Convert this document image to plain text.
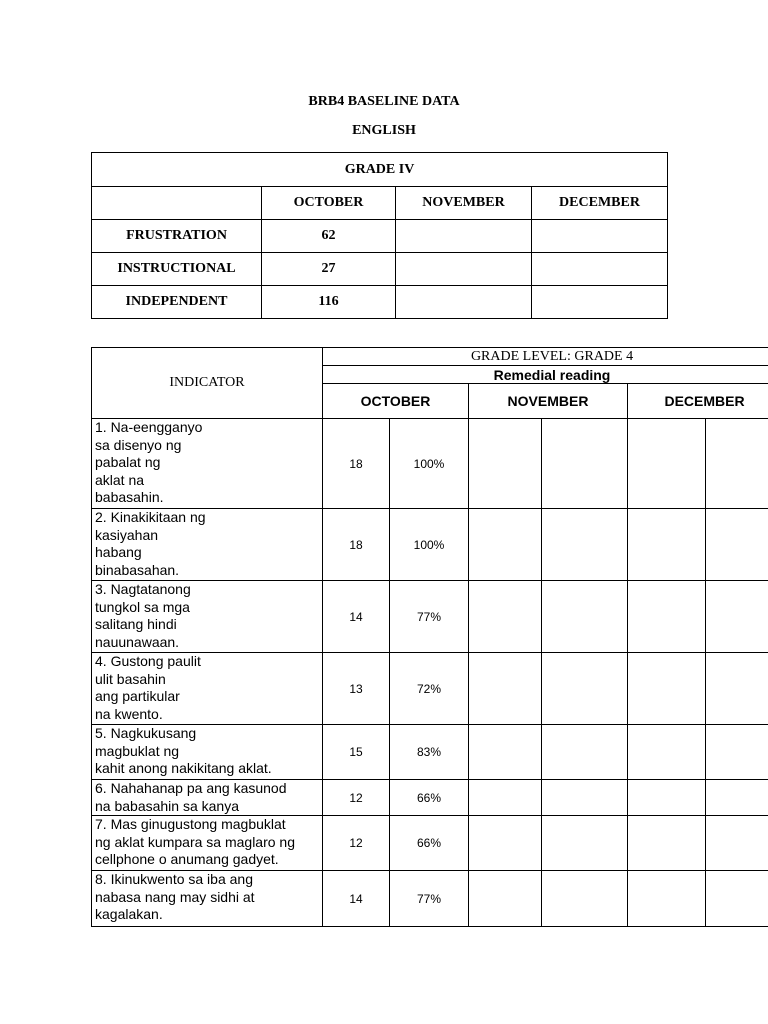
BRB4 BASELINE DATA
ENGLISH
GRADE IV			
	OCTOBER	NOVEMBER	DECEMBER
FRUSTRATION	62		
INSTRUCTIONAL	27		
INDEPENDENT	116		
INDICATOR	GRADE LEVEL: GRADE 4					
	Remedial reading					
	OCTOBER		NOVEMBER		DECEMBER	
1. Na-eengganyo
sa disenyo ng
pabalat ng
aklat na
babasahin.	18	100%				
2. Kinakikitaan ng
kasiyahan
habang
binabasahan.	18	100%				
3. Nagtatanong
tungkol sa mga
salitang hindi
nauunawaan.	14	77%				
4. Gustong paulit
ulit basahin
ang partikular
na kwento.	13	72%				
5. Nagkukusang
magbuklat ng
kahit anong nakikitang aklat.	15	83%				
6. Nahahanap pa ang kasunod
na babasahin sa kanya	12	66%				
7. Mas ginugustong magbuklat
ng aklat kumpara sa maglaro ng
cellphone o anumang gadyet.	12	66%				
8. Ikinukwento sa iba ang
nabasa nang may sidhi at
kagalakan.	14	77%				
